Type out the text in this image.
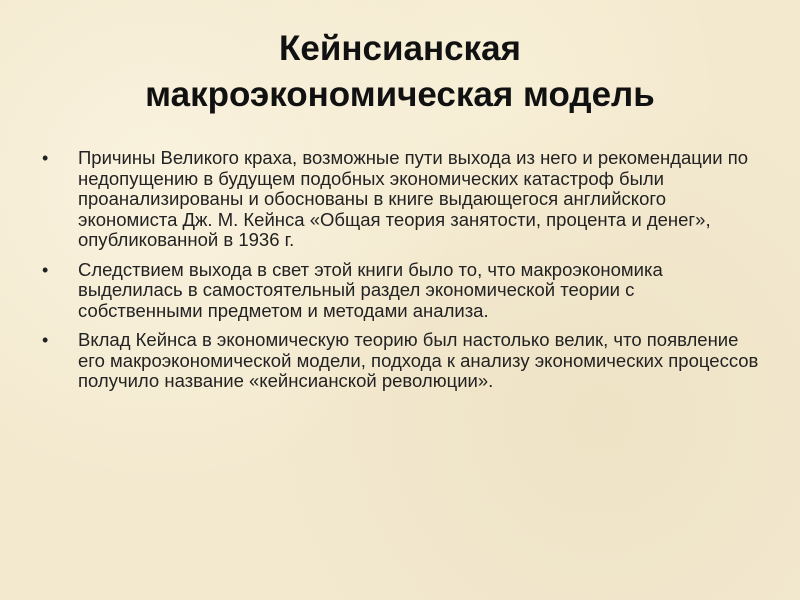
Кейнсианская
макроэкономическая модель
• Причины Великого краха, возможные пути выхода из него и рекомендации по недопущению в будущем подобных экономических катастроф были проанализированы и обоснованы в книге выдающегося английского экономиста Дж. М. Кейнса «Общая теория занятости, процента и денег», опубликованной в 1936 г.
• Следствием выхода в свет этой книги было то, что макроэкономика выделилась в самостоятельный раздел экономической теории с собственными предметом и методами анализа.
• Вклад Кейнса в экономическую теорию был настолько велик, что появление его макроэкономической модели, подхода к анализу экономических процессов получило название «кейнсианской революции».
